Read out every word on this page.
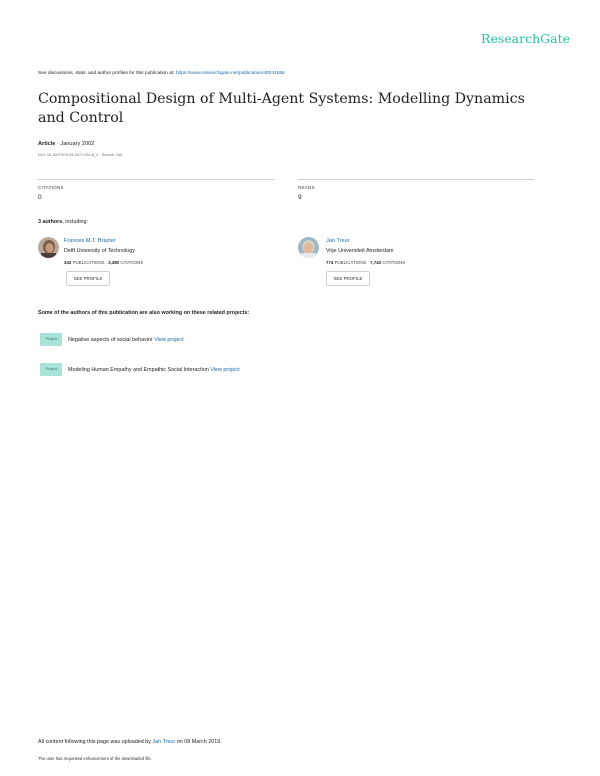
ResearchGate
See discussions, stats, and author profiles for this publication at: https://www.researchgate.net/publication/40041558
Compositional Design of Multi-Agent Systems: Modelling Dynamics and Control
Article · January 2002
DOI: 10.1007/978-94-017-0741-8_4 · Source: OAI
CITATIONS
0
READS
9
3 authors, including:
Frances M.T. Brazier
Delft University of Technology
343 PUBLICATIONS 3,380 CITATIONS
SEE PROFILE
Jan Treur
Vrije Universiteit Amsterdam
774 PUBLICATIONS 7,743 CITATIONS
SEE PROFILE
Some of the authors of this publication are also working on these related projects:
Project Negative aspects of social behavior View project
Project Modeling Human Empathy and Empathic Social Interaction View project
All content following this page was uploaded by Jan Treur on 08 March 2019.
The user has requested enhancement of the downloaded file.
